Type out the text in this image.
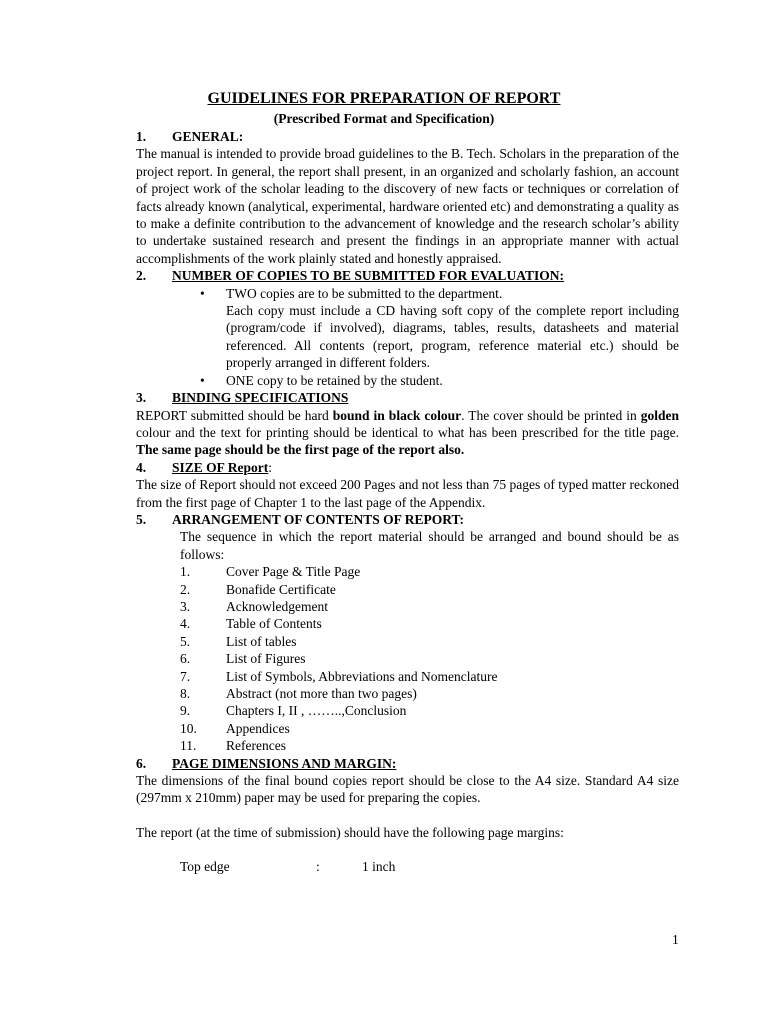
GUIDELINES FOR PREPARATION OF REPORT
(Prescribed Format and Specification)
1.	GENERAL:

The manual is intended to provide broad guidelines to the B. Tech. Scholars in the preparation of the project report. In general, the report shall present, in an organized and scholarly fashion, an account of project work of the scholar leading to the discovery of new facts or techniques or correlation of facts already known (analytical, experimental, hardware oriented etc) and demonstrating a quality as to make a definite contribution to the advancement of knowledge and the research scholar’s ability to undertake sustained research and present the findings in an appropriate manner with actual accomplishments of the work plainly stated and honestly appraised.

2.	NUMBER OF COPIES TO BE SUBMITTED FOR EVALUATION:
• TWO copies are to be submitted to the department.
Each copy must include a CD having soft copy of the complete report including (program/code if involved), diagrams, tables, results, datasheets and material referenced. All contents (report, program, reference material etc.) should be properly arranged in different folders.
• ONE copy to be retained by the student.
3.	BINDING SPECIFICATIONS

REPORT submitted should be hard bound in black colour. The cover should be printed in golden colour and the text for printing should be identical to what has been prescribed for the title page. The same page should be the first page of the report also.

4.	SIZE OF Report:

The size of Report should not exceed 200 Pages and not less than 75 pages of typed matter reckoned from the first page of Chapter 1 to the last page of the Appendix.

5.	ARRANGEMENT OF CONTENTS OF REPORT:

The sequence in which the report material should be arranged and bound should be as follows:

1.	Cover Page & Title Page
2.	Bonafide Certificate
3.	Acknowledgement
4.	Table of Contents
5.	List of tables
6.	List of Figures
7.	List of Symbols, Abbreviations and Nomenclature
8.	Abstract (not more than two pages)
9.	Chapters I, II , ……..,Conclusion
10.	Appendices
11.	References
6.	PAGE DIMENSIONS AND MARGIN:

The dimensions of the final bound copies report should be close to the A4 size. Standard A4 size (297mm x 210mm) paper may be used for preparing the copies.

The report (at the time of submission) should have the following page margins:

Top edge	:	1 inch
1
